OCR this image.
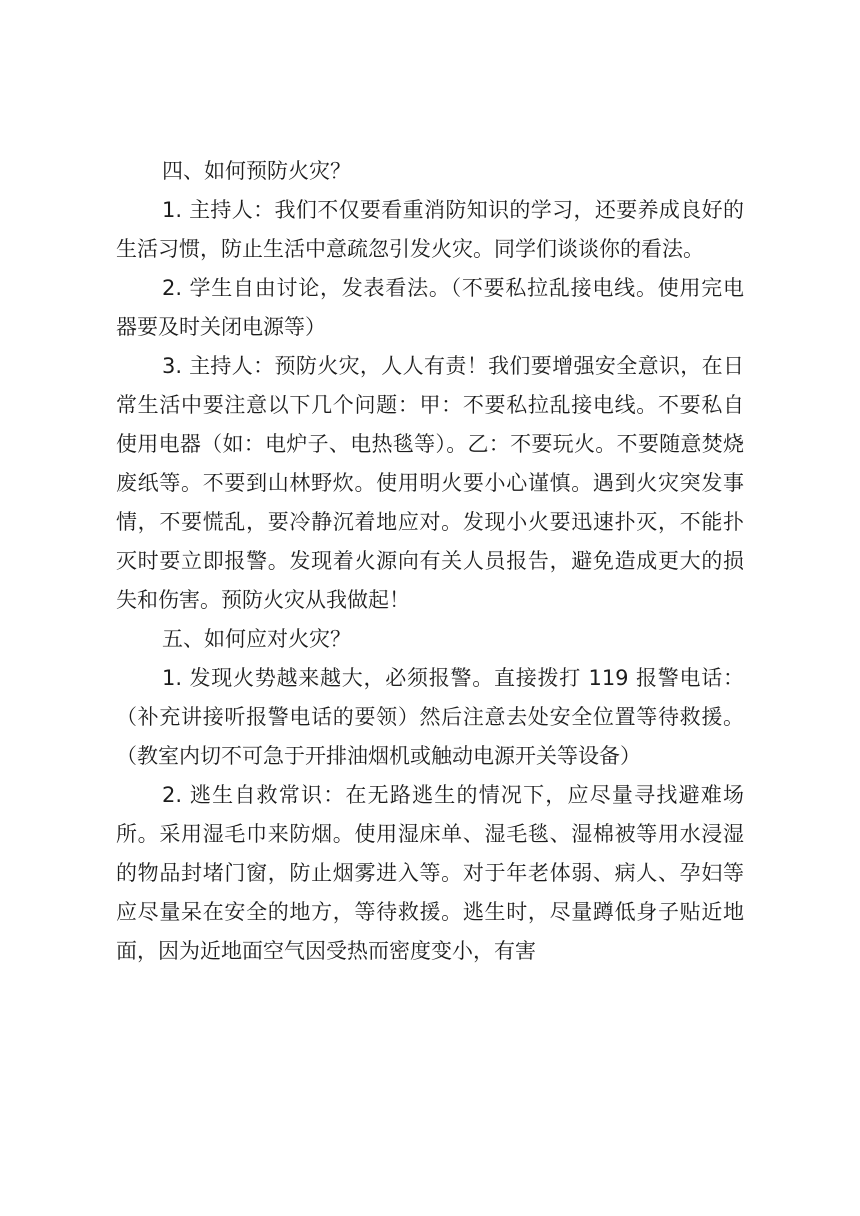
四、如何预防火灾？

1. 主持人：我们不仅要看重消防知识的学习，还要养成良好的生活习惯，防止生活中意疏忽引发火灾。同学们谈谈你的看法。

2. 学生自由讨论，发表看法。（不要私拉乱接电线。使用完电器要及时关闭电源等）

3. 主持人：预防火灾，人人有责！我们要增强安全意识，在日常生活中要注意以下几个问题：甲：不要私拉乱接电线。不要私自使用电器（如：电炉子、电热毯等）。乙：不要玩火。不要随意焚烧废纸等。不要到山林野炊。使用明火要小心谨慎。遇到火灾突发事情，不要慌乱，要冷静沉着地应对。发现小火要迅速扑灭，不能扑灭时要立即报警。发现着火源向有关人员报告，避免造成更大的损失和伤害。预防火灾从我做起！

五、如何应对火灾？

1. 发现火势越来越大，必须报警。直接拨打 119 报警电话：（补充讲接听报警电话的要领）然后注意去处安全位置等待救援。（教室内切不可急于开排油烟机或触动电源开关等设备）

2. 逃生自救常识：在无路逃生的情况下，应尽量寻找避难场所。采用湿毛巾来防烟。使用湿床单、湿毛毯、湿棉被等用水浸湿的物品封堵门窗，防止烟雾进入等。对于年老体弱、病人、孕妇等应尽量呆在安全的地方，等待救援。逃生时，尽量蹲低身子贴近地面，因为近地面空气因受热而密度变小，有害
